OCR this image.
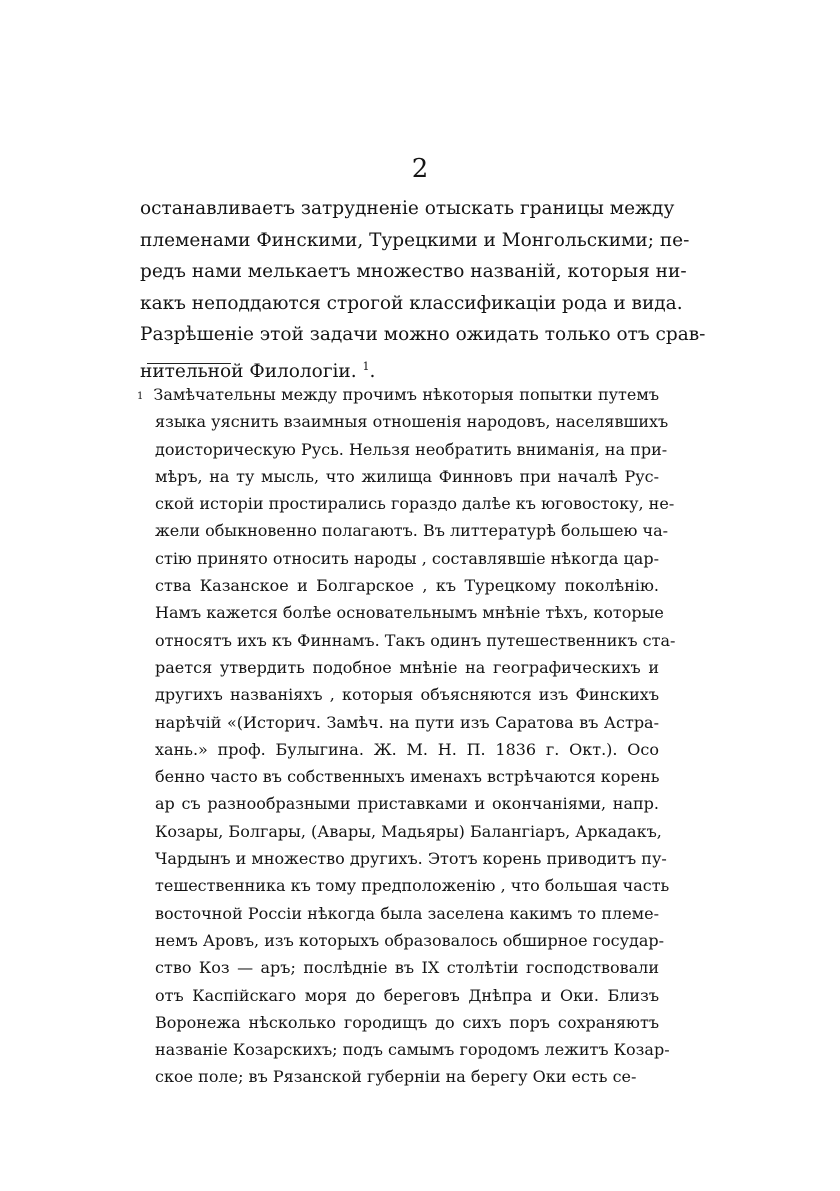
2
останавливаетъ затрудненіе отыскать границы между
племенами Финскими, Турецкими и Монгольскими; пе-
редъ нами мелькаетъ множество названій, которыя ни-
какъ неподдаются строгой классификаціи рода и вида.
Разрѣшеніе этой задачи можно ожидать только отъ срав-
нительной Филологіи. $^1$.
$^1$ Замѣчательны между прочимъ нѣкоторыя попытки путемъ
языка уяснить взаимныя отношенія народовъ, населявшихъ
доисторическую Русь. Нельзя необратить вниманія, на при-
мѣръ, на ту мысль, что жилища Финновъ при началѣ Рус-
ской исторіи простирались гораздо далѣе къ юговостоку, не-
жели обыкновенно полагаютъ. Въ литтературѣ большею ча-
стію принято относить народы , составлявшіе нѣкогда цар-
ства Казанское и Болгарское , къ Турецкому поколѣнію.
Намъ кажется болѣе основательнымъ мнѣніе тѣхъ, которые
относятъ ихъ къ Финнамъ. Такъ одинъ путешественникъ ста-
рается утвердить подобное мнѣніе на географическихъ и
другихъ названіяхъ , которыя объясняются изъ Финскихъ
нарѣчій «(Историч. Замѣч. на пути изъ Саратова въ Астра-
хань.» проф. Булыгина. Ж. М. Н. П. 1836 г. Окт.). Осо
бенно часто въ собственныхъ именахъ встрѣчаются корень
ар съ разнообразными приставками и окончаніями, напр.
Козары, Болгары, (Авары, Мадьяры) Балангіаръ, Аркадакъ,
Чардынъ и множество другихъ. Этотъ корень приводитъ пу-
тешественника къ тому предположенію , что большая часть
восточной Россіи нѣкогда была заселена какимъ то племе-
немъ Аровъ, изъ которыхъ образовалось обширное государ-
ство Коз — аръ; послѣдніе въ IX столѣтіи господствовали
отъ Каспійскаго моря до береговъ Днѣпра и Оки. Близъ
Воронежа нѣсколько городищъ до сихъ поръ сохраняютъ
названіе Козарскихъ; подъ самымъ городомъ лежитъ Козар-
ское поле; въ Рязанской губерніи на берегу Оки есть се-
